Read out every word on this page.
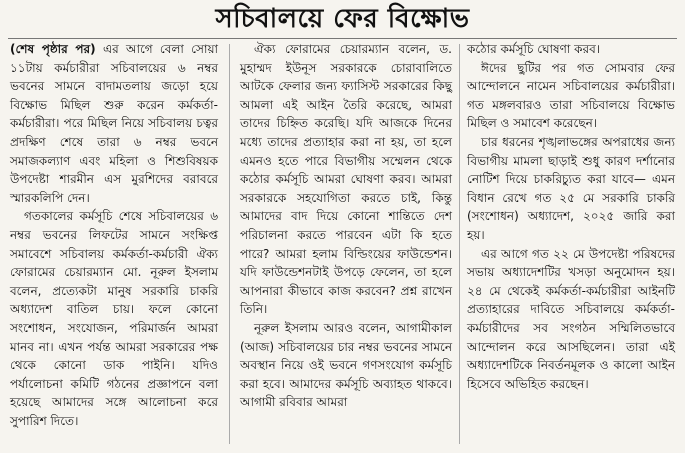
সচিবালয়ে ফের বিক্ষোভ

(শেষ পৃষ্ঠার পর) এর আগে বেলা সোয়া ১১টায় কর্মচারীরা সচিবালয়ের ৬ নম্বর ভবনের সামনে বাদামতলায় জড়ো হয়ে বিক্ষোভ মিছিল শুরু করেন কর্মকর্তা-কর্মচারীরা। পরে মিছিল নিয়ে সচিবালয় চত্বর প্রদক্ষিণ শেষে তারা ৬ নম্বর ভবনে সমাজকল্যাণ এবং মহিলা ও শিশুবিষয়ক উপদেষ্টা শারমীন এস মুরশিদের বরাবরে স্মারকলিপি দেন।

গতকালের কর্মসূচি শেষে সচিবালয়ের ৬ নম্বর ভবনের লিফটের সামনে সংক্ষিপ্ত সমাবেশে সচিবালয় কর্মকর্তা-কর্মচারী ঐক্য ফোরামের চেয়ারম্যান মো. নূরুল ইসলাম বলেন, প্রত্যেকটা মানুষ সরকারি চাকরি অধ্যাদেশ বাতিল চায়। ফলে কোনো সংশোধন, সংযোজন, পরিমার্জন আমরা মানব না। এখন পর্যন্ত আমরা সরকারের পক্ষ থেকে কোনো ডাক পাইনি। যদিও পর্যালোচনা কমিটি গঠনের প্রজ্ঞাপনে বলা হয়েছে আমাদের সঙ্গে আলোচনা করে সুপারিশ দিতে।

ঐক্য ফোরামের চেয়ারম্যান বলেন, ড. মুহাম্মদ ইউনূস সরকারকে চোরাবালিতে আটকে ফেলার জন্য ফ্যাসিস্ট সরকারের কিছু আমলা এই আইন তৈরি করেছে, আমরা তাদের চিহ্নিত করেছি। যদি আজকে দিনের মধ্যে তাদের প্রত্যাহার করা না হয়, তা হলে এমনও হতে পারে বিভাগীয় সম্মেলন থেকে কঠোর কর্মসূচি আমরা ঘোষণা করব। আমরা সরকারকে সহযোগিতা করতে চাই, কিন্তু আমাদের বাদ দিয়ে কোনো শান্তিতে দেশ পরিচালনা করতে পারবেন এটা কি হতে পারে? আমরা হলাম বিল্ডিংয়ের ফাউন্ডেশন। যদি ফাউন্ডেশনটাই উপড়ে ফেলেন, তা হলে আপনারা কীভাবে কাজ করবেন? প্রশ্ন রাখেন তিনি।

নূরুল ইসলাম আরও বলেন, আগামীকাল (আজ) সচিবালয়ের চার নম্বর ভবনের সামনে অবস্থান নিয়ে ওই ভবনে গণসংযোগ কর্মসূচি করা হবে। আমাদের কর্মসূচি অব্যাহত থাকবে। আগামী রবিবার আমরা

কঠোর কর্মসূচি ঘোষণা করব।

ঈদের ছুটির পর গত সোমবার ফের আন্দোলনে নামেন সচিবালয়ের কর্মচারীরা। গত মঙ্গলবারও তারা সচিবালয়ে বিক্ষোভ মিছিল ও সমাবেশ করেছেন।

চার ধরনের শৃঙ্খলাভঙ্গের অপরাধের জন্য বিভাগীয় মামলা ছাড়াই শুধু কারণ দর্শানোর নোটিশ দিয়ে চাকরিচ্যুত করা যাবে— এমন বিধান রেখে গত ২৫ মে সরকারি চাকরি (সংশোধন) অধ্যাদেশ, ২০২৫ জারি করা হয়।

এর আগে গত ২২ মে উপদেষ্টা পরিষদের সভায় অধ্যাদেশটির খসড়া অনুমোদন হয়। ২৪ মে থেকেই কর্মকর্তা-কর্মচারীরা আইনটি প্রত্যাহারের দাবিতে সচিবালয়ে কর্মকর্তা-কর্মচারীদের সব সংগঠন সম্মিলিতভাবে আন্দোলন করে আসছিলেন। তারা এই অধ্যাদেশটিকে নিবর্তনমূলক ও কালো আইন হিসেবে অভিহিত করছেন।
